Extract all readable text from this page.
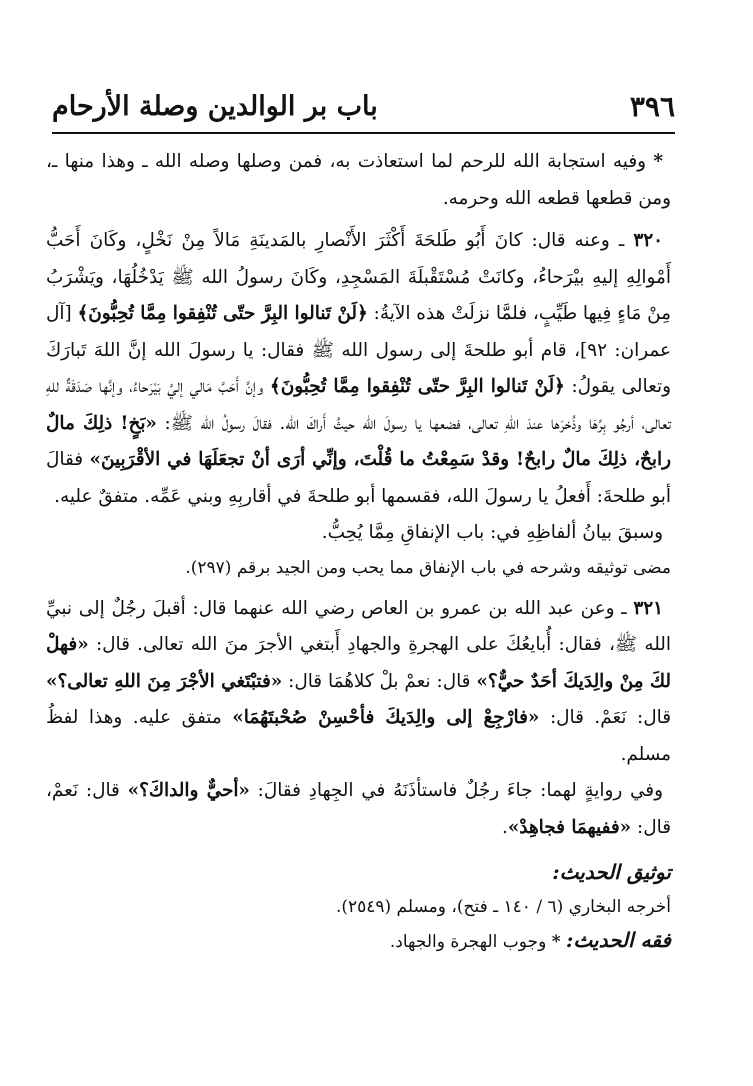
٣٩٦
باب بر الوالدين وصلة الأرحام

* وفيه استجابة الله للرحم لما استعاذت به، فمن وصلها وصله الله ـ وهذا منها ـ، ومن قطعها قطعه الله وحرمه.

٣٢٠ ـ وعنه قال: كانَ أَبُو طَلحَةَ أَكْثَرَ الأَنْصارِ بالمَدينَةِ مَالاً مِنْ نَخْلٍ، وكَانَ أَحَبُّ أَمْوالِهِ إليهِ بيْرَحاءُ، وكانَتْ مُسْتَقْبلَةَ المَسْجِدِ، وكَانَ رسولُ الله ﷺ يَدْخُلُهَا، ويَشْرَبُ مِنْ مَاءٍ فِيها طَيِّبٍ، فلمَّا نزلَتْ هذه الآيةُ: ﴿لَنْ تَنالوا البِرَّ حتّى تُنْفِقوا مِمَّا تُحِبُّونَ﴾ [آل عمران: ٩٢]، قام أبو طلحةَ إلى رسول الله ﷺ فقال: يا رسولَ الله إنَّ اللهَ تَبارَكَ وتعالى يقولُ: ﴿لَنْ تَنالوا البِرَّ حتّى تُنْفِقوا مِمَّا تُحِبُّونَ﴾ وإنَّ أَحَبَّ مَالي إليَّ بَيْرَحاءُ، وإنَّها صَدَقَةٌ للهِ تعالى، أرجُو بِرَّهَا وذُخرَها عندَ اللهِ تعالى، فضعها يا رسولَ الله حيثُ أَراكَ الله. فقالَ رسولُ الله ﷺ: «بَخٍ! ذلِكَ مالٌ رابحٌ، ذلِكَ مالٌ رابحٌ! وقدْ سَمِعْتُ ما قُلْتَ، وإنِّي أرَى أنْ تجعَلَهَا في الأقْرَبِينَ» فقالَ أبو طلحةَ: أَفعلُ يا رسولَ الله، فقسمها أبو طلحةَ في أقاربِهِ وبني عَمِّه. متفقٌ عليه.

وسبقَ بيانُ ألفاظِهِ في: باب الإنفاقِ مِمَّا يُحِبُّ.

مضى توثيقه وشرحه في باب الإنفاق مما يحب ومن الجيد برقم (٢٩٧).

٣٢١ ـ وعن عبد الله بن عمرو بن العاص رضي الله عنهما قال: أقبلَ رجُلٌ إلى نبيِّ الله ﷺ، فقال: أُبايعُكَ على الهجرةِ والجهادِ أَبتغي الأجرَ منَ الله تعالى. قال: «فهلْ لكَ مِنْ والِدَيكَ أحَدٌ حيٌّ؟» قال: نعمْ بلْ كلاهُمَا قال: «فتبْتَغي الأجْرَ مِنَ اللهِ تعالى؟» قال: نَعَمْ. قال: «فارْجِعْ إلى والِدَيكَ فأحْسِنْ صُحْبتَهُمَا» متفق عليه. وهذا لفظُ مسلم.

وفي روايةٍ لهما: جاءَ رجُلٌ فاستأذَنَهُ في الجِهادِ فقالَ: «أحيٌّ والداكَ؟» قال: نَعمْ، قال: «ففيهمَا فجاهِدْ».

توثيق الحديث:

أخرجه البخاري (٦ / ١٤٠ ـ فتح)، ومسلم (٢٥٤٩).

فقه الحديث: * وجوب الهجرة والجهاد.
